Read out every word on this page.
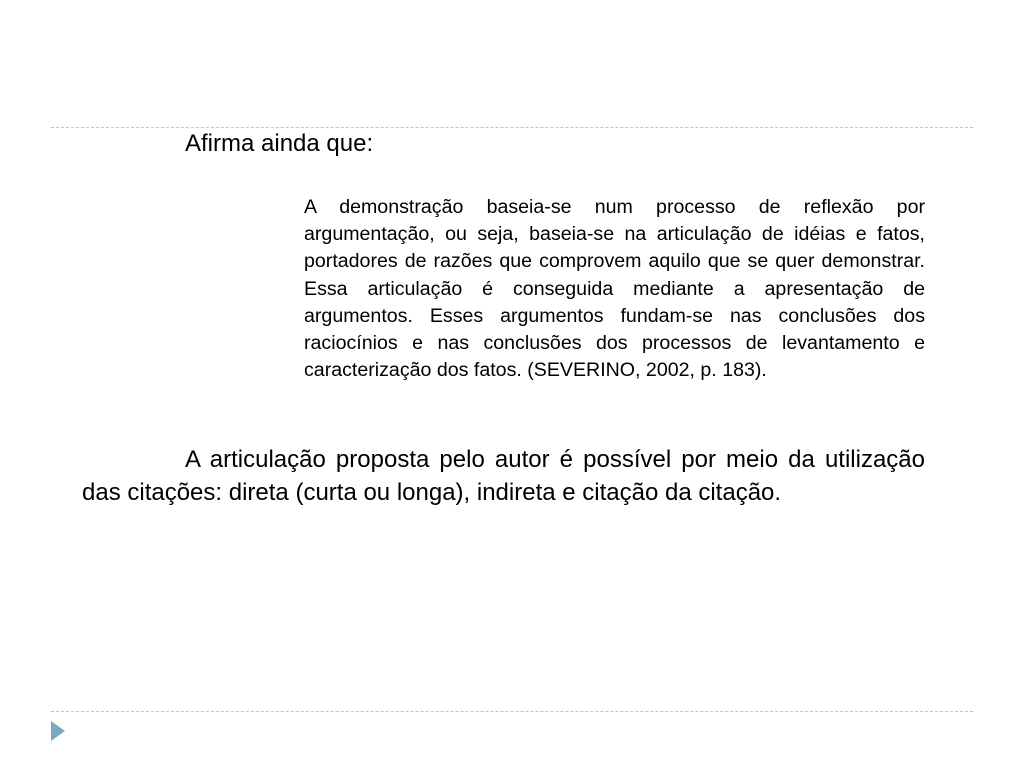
Afirma ainda que:
A demonstração baseia-se num processo de reflexão por argumentação, ou seja, baseia-se na articulação de idéias e fatos, portadores de razões que comprovem aquilo que se quer demonstrar. Essa articulação é conseguida mediante a apresentação de argumentos. Esses argumentos fundam-se nas conclusões dos raciocínios e nas conclusões dos processos de levantamento e caracterização dos fatos. (SEVERINO, 2002, p. 183).
A articulação proposta pelo autor é possível por meio da utilização das citações: direta (curta ou longa), indireta e citação da citação.
